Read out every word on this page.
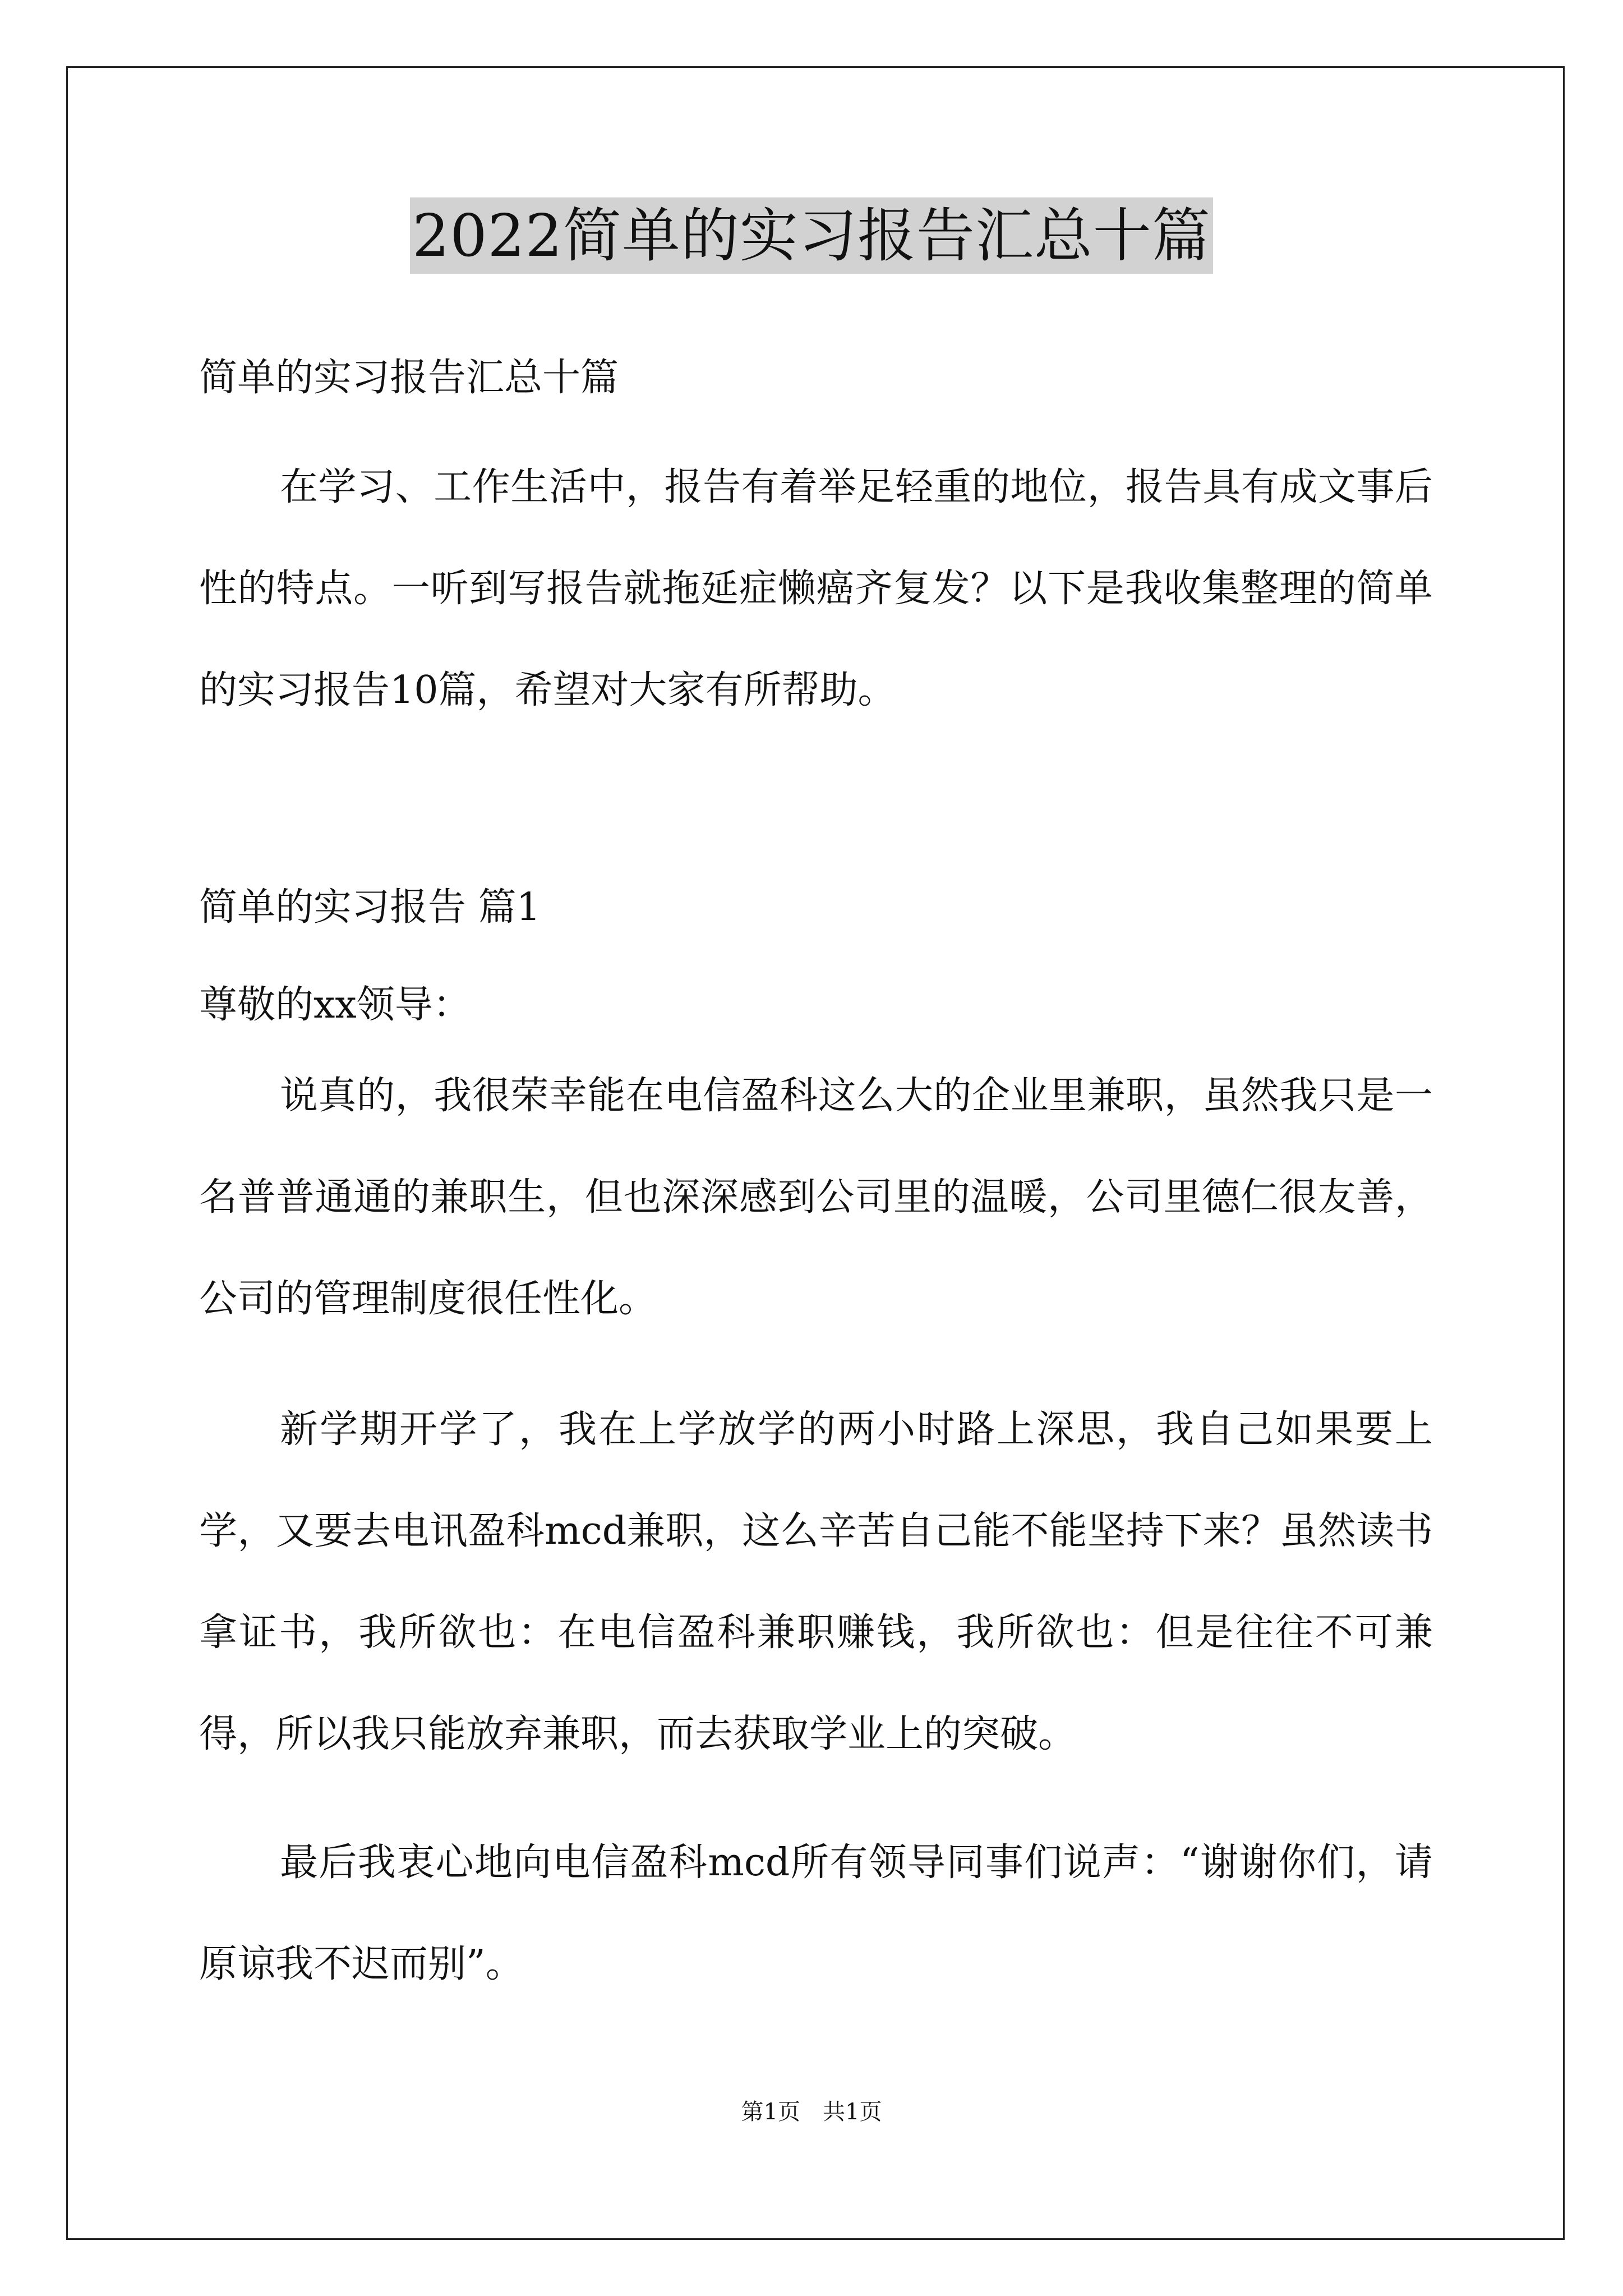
2022简单的实习报告汇总十篇

简单的实习报告汇总十篇

在学习、工作生活中，报告有着举足轻重的地位，报告具有成文事后性的特点。一听到写报告就拖延症懒癌齐复发？以下是我收集整理的简单的实习报告10篇，希望对大家有所帮助。

简单的实习报告 篇1

尊敬的xx领导：

说真的，我很荣幸能在电信盈科这么大的企业里兼职，虽然我只是一名普普通通的兼职生，但也深深感到公司里的温暖，公司里德仁很友善，公司的管理制度很任性化。

新学期开学了，我在上学放学的两小时路上深思，我自己如果要上学，又要去电讯盈科mcd兼职，这么辛苦自己能不能坚持下来？虽然读书拿证书，我所欲也：在电信盈科兼职赚钱，我所欲也：但是往往不可兼得，所以我只能放弃兼职，而去获取学业上的突破。

最后我衷心地向电信盈科mcd所有领导同事们说声：“谢谢你们，请原谅我不迟而别”。

第1页　共1页
